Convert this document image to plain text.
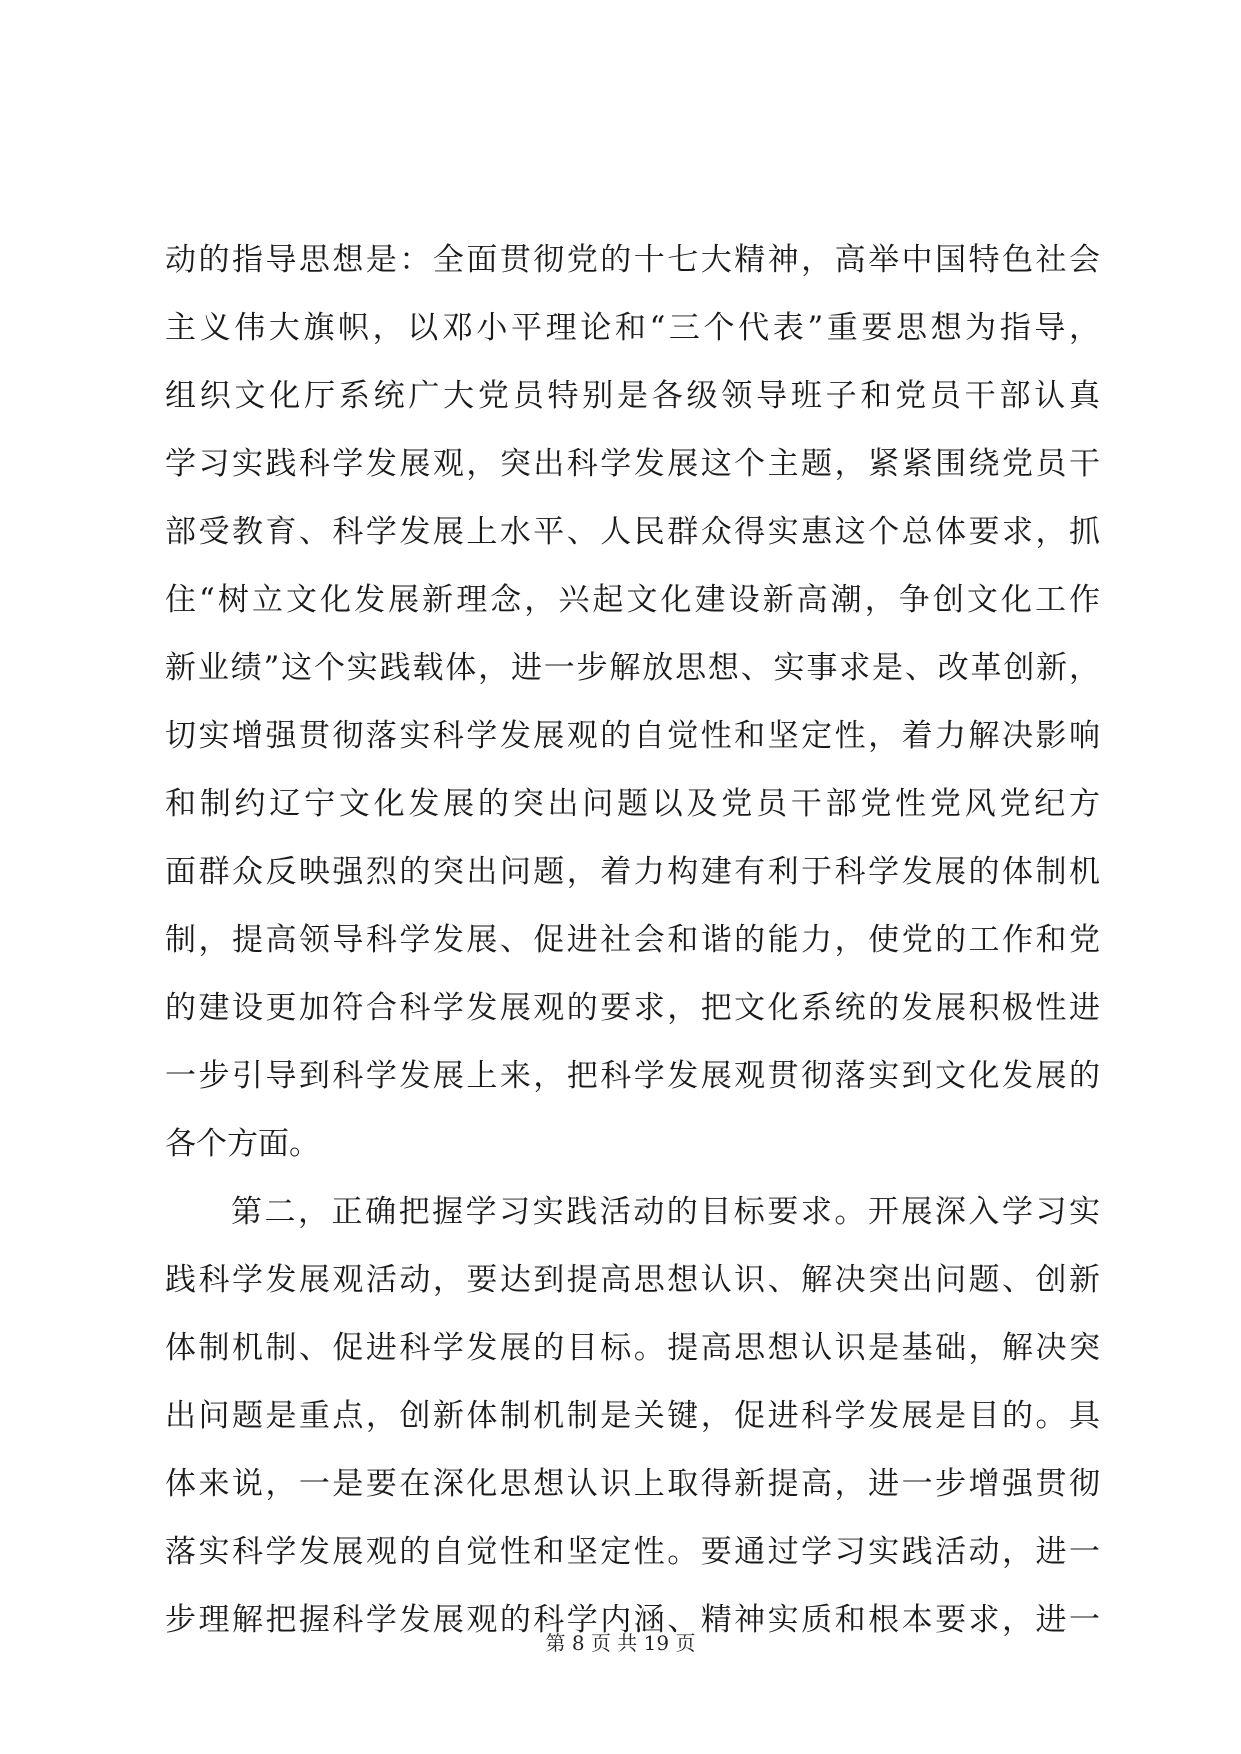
动的指导思想是：全面贯彻党的十七大精神，高举中国特色社会
主义伟大旗帜，以邓小平理论和“三个代表”重要思想为指导，
组织文化厅系统广大党员特别是各级领导班子和党员干部认真
学习实践科学发展观，突出科学发展这个主题，紧紧围绕党员干
部受教育、科学发展上水平、人民群众得实惠这个总体要求，抓
住“树立文化发展新理念，兴起文化建设新高潮，争创文化工作
新业绩”这个实践载体，进一步解放思想、实事求是、改革创新，
切实增强贯彻落实科学发展观的自觉性和坚定性，着力解决影响
和制约辽宁文化发展的突出问题以及党员干部党性党风党纪方
面群众反映强烈的突出问题，着力构建有利于科学发展的体制机
制，提高领导科学发展、促进社会和谐的能力，使党的工作和党
的建设更加符合科学发展观的要求，把文化系统的发展积极性进
一步引导到科学发展上来，把科学发展观贯彻落实到文化发展的
各个方面。
第二，正确把握学习实践活动的目标要求。开展深入学习实
践科学发展观活动，要达到提高思想认识、解决突出问题、创新
体制机制、促进科学发展的目标。提高思想认识是基础，解决突
出问题是重点，创新体制机制是关键，促进科学发展是目的。具
体来说，一是要在深化思想认识上取得新提高，进一步增强贯彻
落实科学发展观的自觉性和坚定性。要通过学习实践活动，进一
步理解把握科学发展观的科学内涵、精神实质和根本要求，进一
第 8 页 共 19 页
